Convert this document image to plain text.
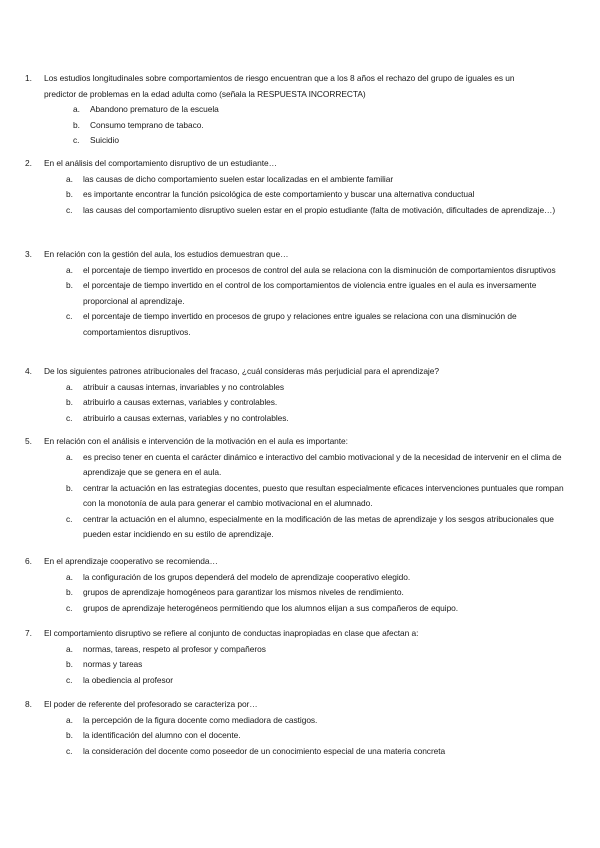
1. Los estudios longitudinales sobre comportamientos de riesgo encuentran que a los 8 años el rechazo del grupo de iguales es un predictor de problemas en la edad adulta como (señala la RESPUESTA INCORRECTA)
a. Abandono prematuro de la escuela
b. Consumo temprano de tabaco.
c. Suicidio
2. En el análisis del comportamiento disruptivo de un estudiante…
a. las causas de dicho comportamiento suelen estar localizadas en el ambiente familiar
b. es importante encontrar la función psicológica de este comportamiento y buscar una alternativa conductual
c. las causas del comportamiento disruptivo suelen estar en el propio estudiante (falta de motivación, dificultades de aprendizaje…)
3. En relación con la gestión del aula, los estudios demuestran que…
a. el porcentaje de tiempo invertido en procesos de control del aula se relaciona con la disminución de comportamientos disruptivos
b. el porcentaje de tiempo invertido en el control de los comportamientos de violencia entre iguales en el aula es inversamente proporcional al aprendizaje.
c. el porcentaje de tiempo invertido en procesos de grupo y relaciones entre iguales se relaciona con una disminución de comportamientos disruptivos.
4. De los siguientes patrones atribucionales del fracaso, ¿cuál consideras más perjudicial para el aprendizaje?
a. atribuir a causas internas, invariables y no controlables
b. atribuirlo a causas externas, variables y controlables.
c. atribuirlo a causas externas, variables y no controlables.
5. En relación con el análisis e intervención de la motivación en el aula es importante:
a. es preciso tener en cuenta el carácter dinámico e interactivo del cambio motivacional y de la necesidad de intervenir en el clima de aprendizaje que se genera en el aula.
b. centrar la actuación en las estrategias docentes, puesto que resultan especialmente eficaces intervenciones puntuales que rompan con la monotonía de aula para generar el cambio motivacional en el alumnado.
c. centrar la actuación en el alumno, especialmente en la modificación de las metas de aprendizaje y los sesgos atribucionales que pueden estar incidiendo en su estilo de aprendizaje.
6. En el aprendizaje cooperativo se recomienda…
a. la configuración de los grupos dependerá del modelo de aprendizaje cooperativo elegido.
b. grupos de aprendizaje homogéneos para garantizar los mismos niveles de rendimiento.
c. grupos de aprendizaje heterogéneos permitiendo que los alumnos elijan a sus compañeros de equipo.
7. El comportamiento disruptivo se refiere al conjunto de conductas inapropiadas en clase que afectan a:
a. normas, tareas, respeto al profesor y compañeros
b. normas y tareas
c. la obediencia al profesor
8. El poder de referente del profesorado se caracteriza por…
a. la percepción de la figura docente como mediadora de castigos.
b. la identificación del alumno con el docente.
c. la consideración del docente como poseedor de un conocimiento especial de una materia concreta
